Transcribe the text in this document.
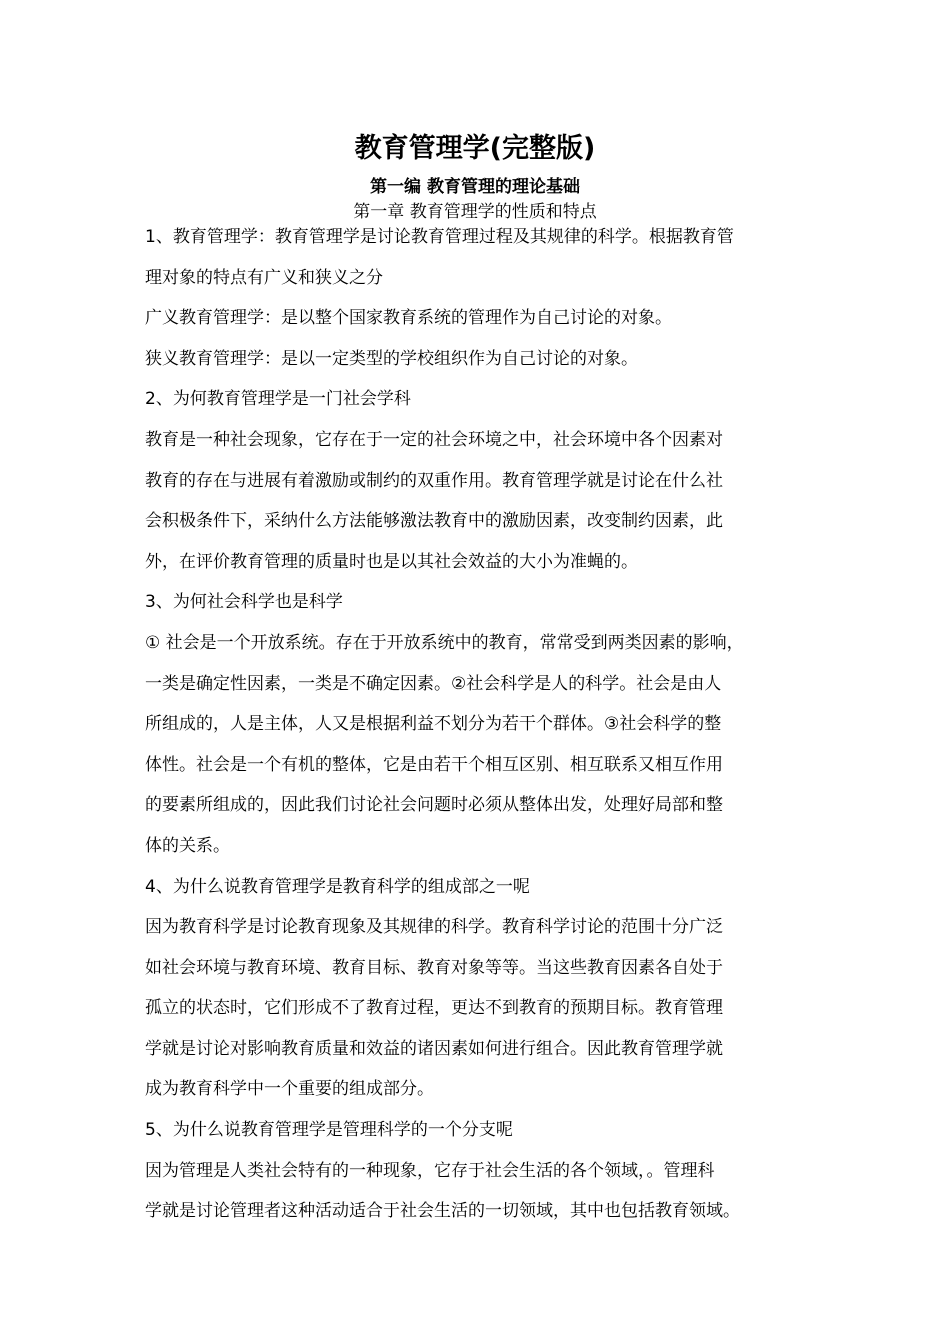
教育管理学(完整版)
第一编 教育管理的理论基础
第一章 教育管理学的性质和特点
1、教育管理学：教育管理学是讨论教育管理过程及其规律的科学。根据教育管
理对象的特点有广义和狭义之分
广义教育管理学：是以整个国家教育系统的管理作为自己讨论的对象。
狭义教育管理学：是以一定类型的学校组织作为自己讨论的对象。
2、为何教育管理学是一门社会学科
教育是一种社会现象，它存在于一定的社会环境之中，社会环境中各个因素对
教育的存在与进展有着激励或制约的双重作用。教育管理学就是讨论在什么社
会积极条件下，采纳什么方法能够激法教育中的激励因素，改变制约因素，此
外，在评价教育管理的质量时也是以其社会效益的大小为准蝇的。
3、为何社会科学也是科学
① 社会是一个开放系统。存在于开放系统中的教育，常常受到两类因素的影响，
一类是确定性因素，一类是不确定因素。②社会科学是人的科学。社会是由人
所组成的，人是主体，人又是根据利益不划分为若干个群体。③社会科学的整
体性。社会是一个有机的整体，它是由若干个相互区别、相互联系又相互作用
的要素所组成的，因此我们讨论社会问题时必须从整体出发，处理好局部和整
体的关系。
4、为什么说教育管理学是教育科学的组成部之一呢
因为教育科学是讨论教育现象及其规律的科学。教育科学讨论的范围十分广泛
如社会环境与教育环境、教育目标、教育对象等等。当这些教育因素各自处于
孤立的状态时，它们形成不了教育过程，更达不到教育的预期目标。教育管理
学就是讨论对影响教育质量和效益的诸因素如何进行组合。因此教育管理学就
成为教育科学中一个重要的组成部分。
5、为什么说教育管理学是管理科学的一个分支呢
因为管理是人类社会特有的一种现象，它存于社会生活的各个领域，。管理科
学就是讨论管理者这种活动适合于社会生活的一切领域，其中也包括教育领域。
